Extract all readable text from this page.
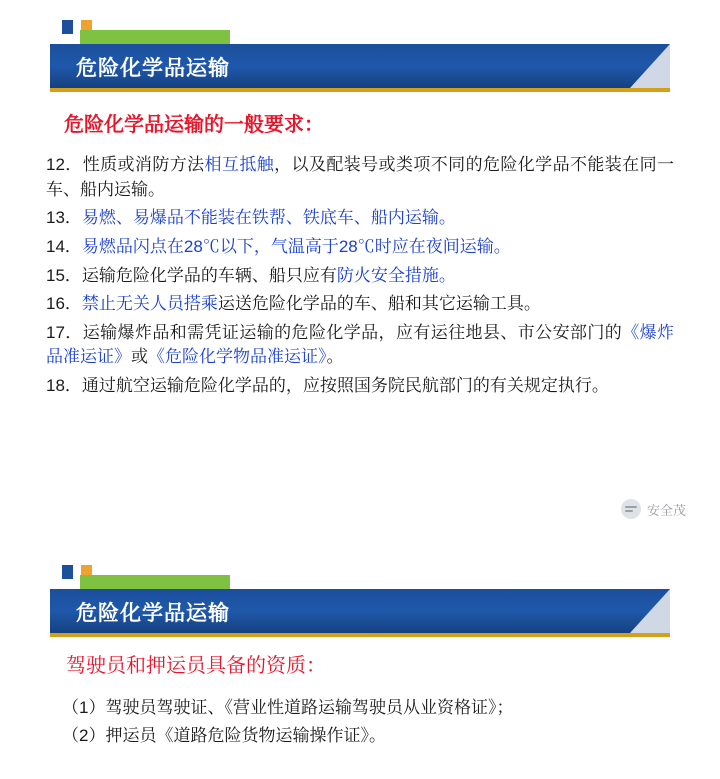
危险化学品运输
危险化学品运输的一般要求：

12．性质或消防方法相互抵触，以及配装号或类项不同的危险化学品不能装在同一车、船内运输。

13．易燃、易爆品不能装在铁帮、铁底车、船内运输。

14．易燃品闪点在28℃以下，气温高于28℃时应在夜间运输。

15．运输危险化学品的车辆、船只应有防火安全措施。

16．禁止无关人员搭乘运送危险化学品的车、船和其它运输工具。

17．运输爆炸品和需凭证运输的危险化学品，应有运往地县、市公安部门的《爆炸品准运证》或《危险化学物品准运证》。

18．通过航空运输危险化学品的，应按照国务院民航部门的有关规定执行。

安全茂
危险化学品运输
驾驶员和押运员具备的资质：

（1）驾驶员驾驶证、《营业性道路运输驾驶员从业资格证》；

（2）押运员《道路危险货物运输操作证》。
